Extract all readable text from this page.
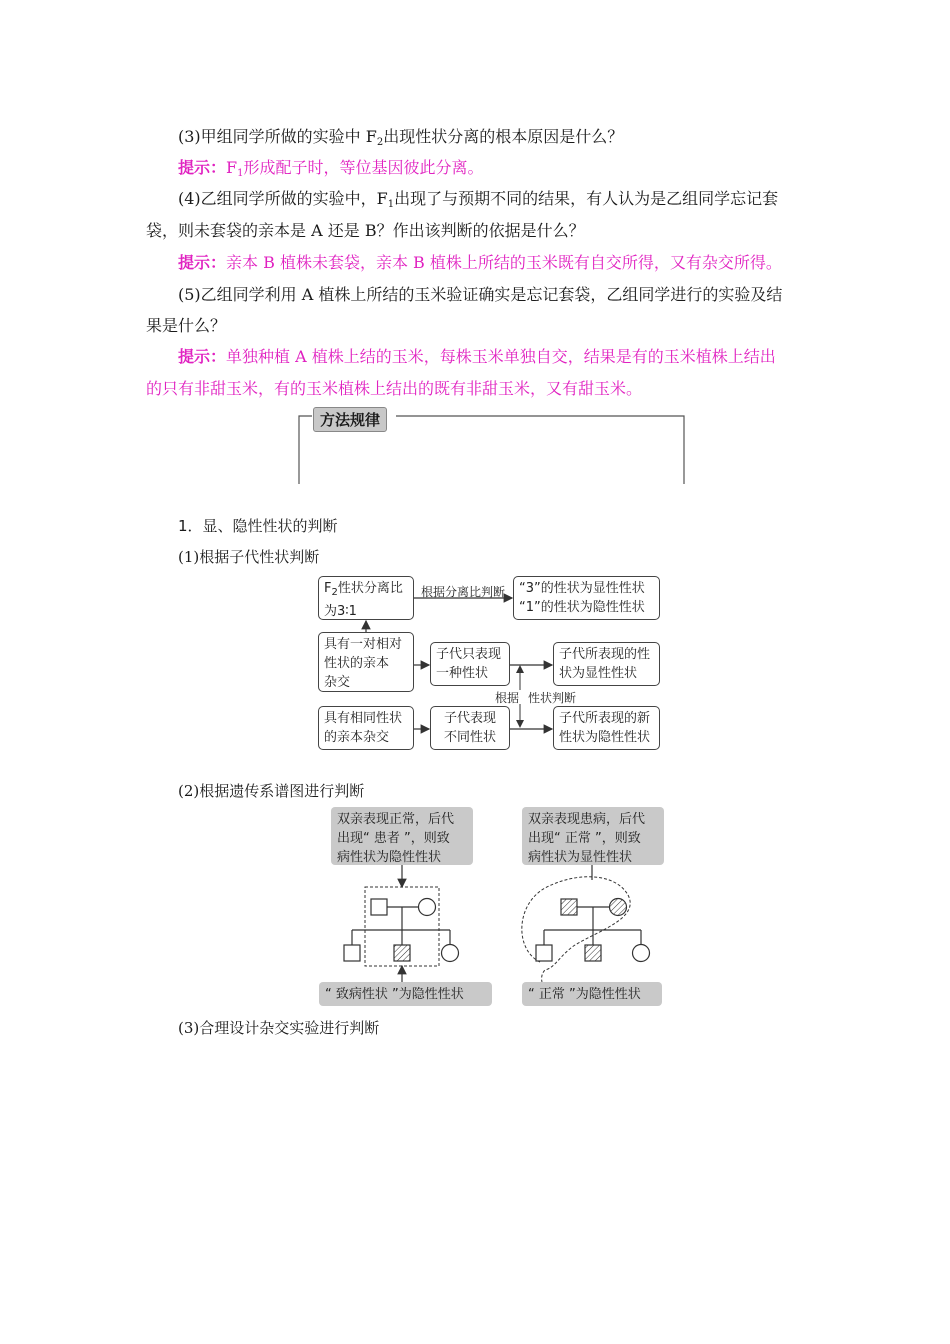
(3)甲组同学所做的实验中 $F_2$出现性状分离的根本原因是什么？
提示：$F_1$形成配子时，等位基因彼此分离。
(4)乙组同学所做的实验中，$F_1$出现了与预期不同的结果，有人认为是乙组同学忘记套
袋，则未套袋的亲本是 A 还是 B？作出该判断的依据是什么？
提示：亲本 B 植株未套袋，亲本 B 植株上所结的玉米既有自交所得，又有杂交所得。
(5)乙组同学利用 A 植株上所结的玉米验证确实是忘记套袋，乙组同学进行的实验及结
果是什么？
提示：单独种植 A 植株上结的玉米，每株玉米单独自交，结果是有的玉米植株上结出
的只有非甜玉米，有的玉米植株上结出的既有非甜玉米，又有甜玉米。
方法规律
1．显、隐性性状的判断
(1)根据子代性状判断
$F_2$性状分离比
为3∶1
根据分离比判断 “3”的性状为显性性状
“1”的性状为隐性性状
具有一对相对
性状的亲本
杂交
子代只表现
一种性状
子代所表现的性
状为显性性状
根据 性状判断
具有相同性状
的亲本杂交
子代表现
不同性状
子代所表现的新
性状为隐性性状
(2)根据遗传系谱图进行判断
双亲表现正常，后代
出现“ 患者 ”，则致
病性状为隐性性状
双亲表现患病，后代
出现“ 正常 ”，则致
病性状为显性性状
“ 致病性状 ”为隐性性状	“ 正常 ”为隐性性状
(3)合理设计杂交实验进行判断
